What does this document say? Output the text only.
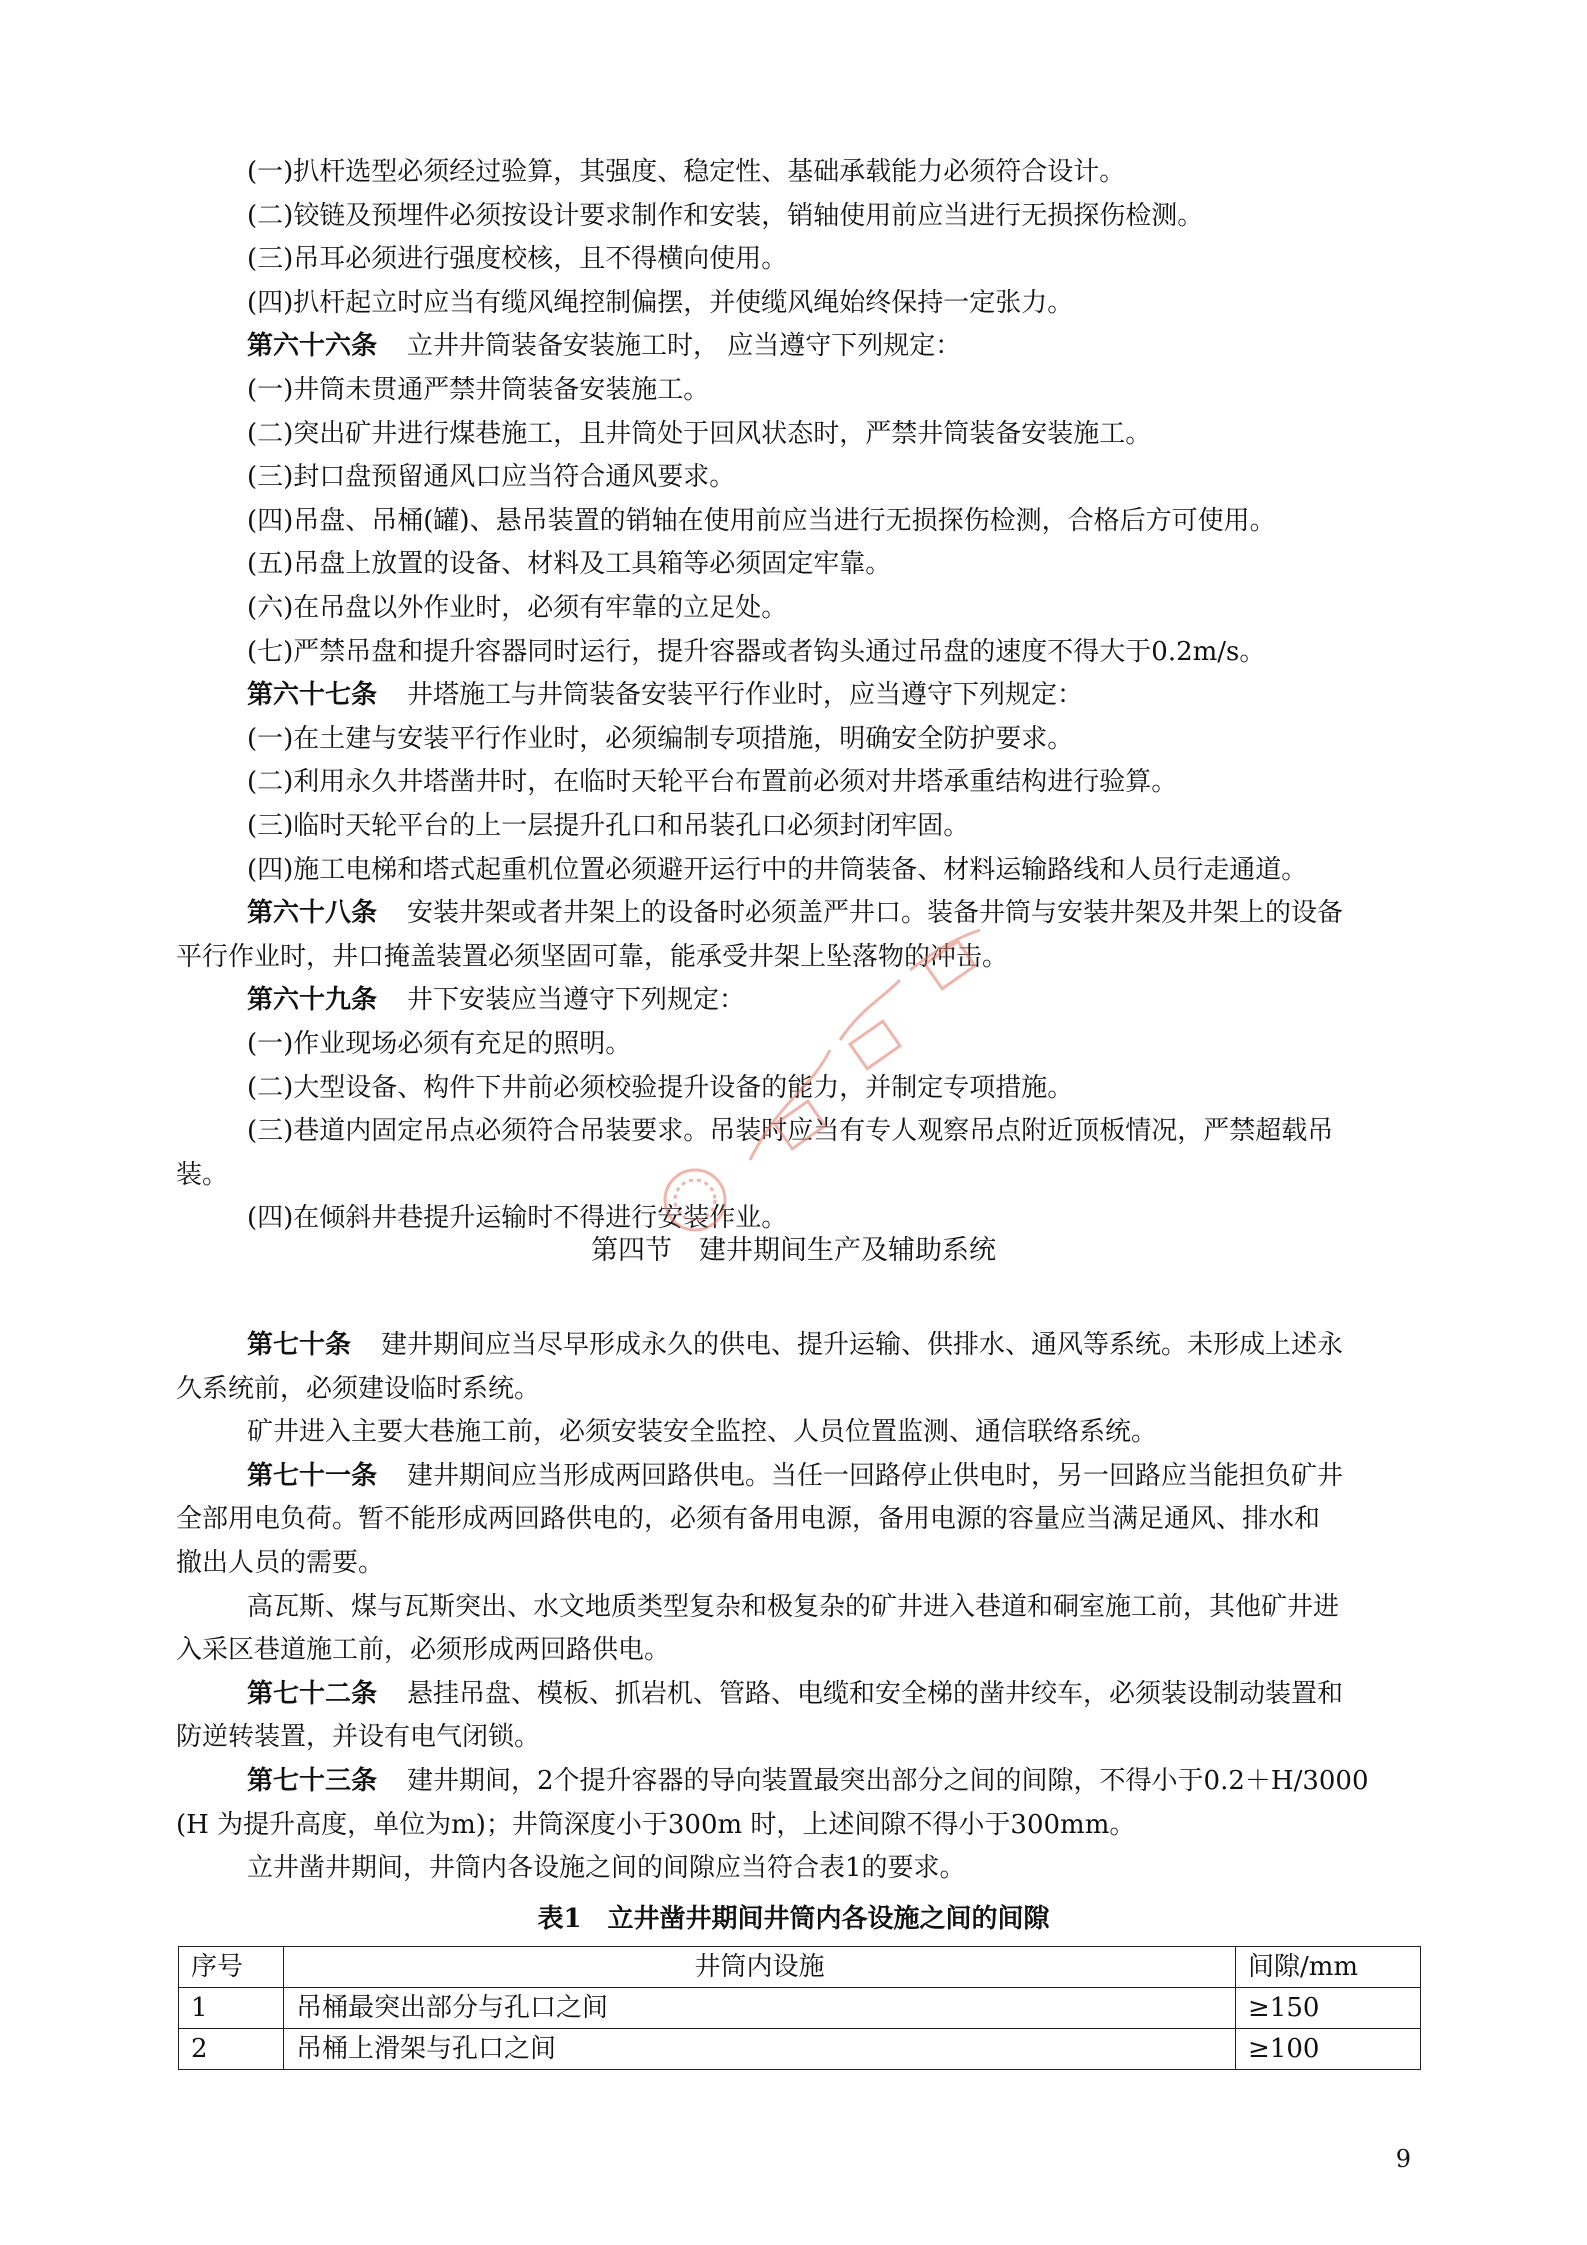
(一)扒杆选型必须经过验算，其强度、稳定性、基础承载能力必须符合设计。
(二)铰链及预埋件必须按设计要求制作和安装，销轴使用前应当进行无损探伤检测。
(三)吊耳必须进行强度校核，且不得横向使用。
(四)扒杆起立时应当有缆风绳控制偏摆，并使缆风绳始终保持一定张力。
第六十六条 立井井筒装备安装施工时， 应当遵守下列规定：
(一)井筒未贯通严禁井筒装备安装施工。
(二)突出矿井进行煤巷施工，且井筒处于回风状态时，严禁井筒装备安装施工。
(三)封口盘预留通风口应当符合通风要求。
(四)吊盘、吊桶(罐)、悬吊装置的销轴在使用前应当进行无损探伤检测，合格后方可使用。
(五)吊盘上放置的设备、材料及工具箱等必须固定牢靠。
(六)在吊盘以外作业时，必须有牢靠的立足处。
(七)严禁吊盘和提升容器同时运行，提升容器或者钩头通过吊盘的速度不得大于0.2m/s。
第六十七条 井塔施工与井筒装备安装平行作业时，应当遵守下列规定：
(一)在土建与安装平行作业时，必须编制专项措施，明确安全防护要求。
(二)利用永久井塔凿井时，在临时天轮平台布置前必须对井塔承重结构进行验算。
(三)临时天轮平台的上一层提升孔口和吊装孔口必须封闭牢固。
(四)施工电梯和塔式起重机位置必须避开运行中的井筒装备、材料运输路线和人员行走通道。
第六十八条 安装井架或者井架上的设备时必须盖严井口。装备井筒与安装井架及井架上的设备
平行作业时，井口掩盖装置必须坚固可靠，能承受井架上坠落物的冲击。
第六十九条 井下安装应当遵守下列规定：
(一)作业现场必须有充足的照明。
(二)大型设备、构件下井前必须校验提升设备的能力，并制定专项措施。
(三)巷道内固定吊点必须符合吊装要求。吊装时应当有专人观察吊点附近顶板情况，严禁超载吊
装。
(四)在倾斜井巷提升运输时不得进行安装作业。
第四节　建井期间生产及辅助系统
第七十条 建井期间应当尽早形成永久的供电、提升运输、供排水、通风等系统。未形成上述永
久系统前，必须建设临时系统。
矿井进入主要大巷施工前，必须安装安全监控、人员位置监测、通信联络系统。
第七十一条 建井期间应当形成两回路供电。当任一回路停止供电时，另一回路应当能担负矿井
全部用电负荷。暂不能形成两回路供电的，必须有备用电源，备用电源的容量应当满足通风、排水和
撤出人员的需要。
高瓦斯、煤与瓦斯突出、水文地质类型复杂和极复杂的矿井进入巷道和硐室施工前，其他矿井进
入采区巷道施工前，必须形成两回路供电。
第七十二条 悬挂吊盘、模板、抓岩机、管路、电缆和安全梯的凿井绞车，必须装设制动装置和
防逆转装置，并设有电气闭锁。
第七十三条 建井期间，2个提升容器的导向装置最突出部分之间的间隙，不得小于0.2＋H/3000
(H 为提升高度，单位为m)；井筒深度小于300m 时，上述间隙不得小于300mm。
立井凿井期间，井筒内各设施之间的间隙应当符合表1的要求。
表1　立井凿井期间井筒内各设施之间的间隙
序号	井筒内设施	间隙/mm
1	吊桶最突出部分与孔口之间	≥150
2	吊桶上滑架与孔口之间	≥100
9
